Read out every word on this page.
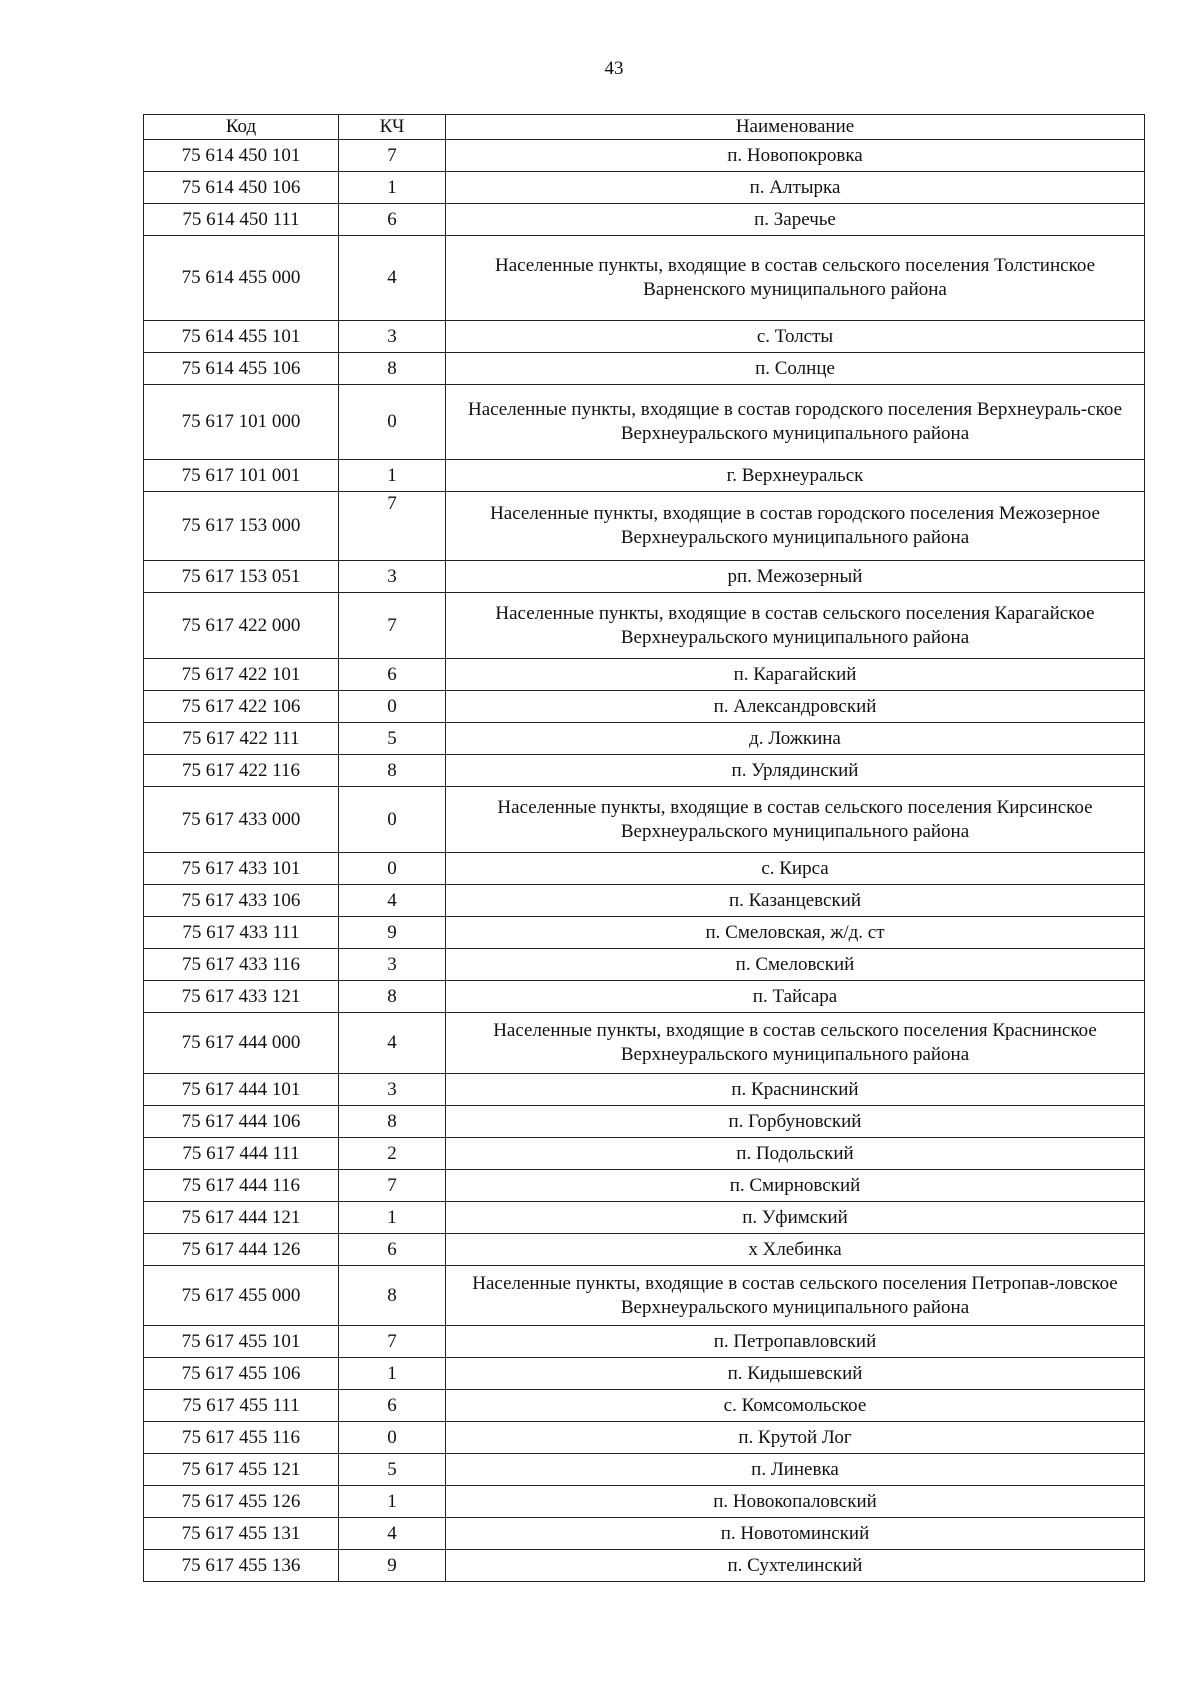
43
Код	КЧ	Наименование
75 614 450 101	7	п. Новопокровка
75 614 450 106	1	п. Алтырка
75 614 450 111	6	п. Заречье
75 614 455 000	4	Населенные пункты, входящие в состав сельского поселения Толстинское Варненского муниципального района
75 614 455 101	3	с. Толсты
75 614 455 106	8	п. Солнце
75 617 101 000	0	Населенные пункты, входящие в состав городского поселения Верхнеураль-ское Верхнеуральского муниципального района
75 617 101 001	1	г. Верхнеуральск
75 617 153 000	7	Населенные пункты, входящие в состав городского поселения Межозерное Верхнеуральского муниципального района
75 617 153 051	3	рп. Межозерный
75 617 422 000	7	Населенные пункты, входящие в состав сельского поселения Карагайское Верхнеуральского муниципального района
75 617 422 101	6	п. Карагайский
75 617 422 106	0	п. Александровский
75 617 422 111	5	д. Ложкина
75 617 422 116	8	п. Урлядинский
75 617 433 000	0	Населенные пункты, входящие в состав сельского поселения Кирсинское Верхнеуральского муниципального района
75 617 433 101	0	с. Кирса
75 617 433 106	4	п. Казанцевский
75 617 433 111	9	п. Смеловская, ж/д. ст
75 617 433 116	3	п. Смеловский
75 617 433 121	8	п. Тайсара
75 617 444 000	4	Населенные пункты, входящие в состав сельского поселения Краснинское Верхнеуральского муниципального района
75 617 444 101	3	п. Краснинский
75 617 444 106	8	п. Горбуновский
75 617 444 111	2	п. Подольский
75 617 444 116	7	п. Смирновский
75 617 444 121	1	п. Уфимский
75 617 444 126	6	х Хлебинка
75 617 455 000	8	Населенные пункты, входящие в состав сельского поселения Петропав-ловское Верхнеуральского муниципального района
75 617 455 101	7	п. Петропавловский
75 617 455 106	1	п. Кидышевский
75 617 455 111	6	с. Комсомольское
75 617 455 116	0	п. Крутой Лог
75 617 455 121	5	п. Линевка
75 617 455 126	1	п. Новокопаловский
75 617 455 131	4	п. Новотоминский
75 617 455 136	9	п. Сухтелинский
